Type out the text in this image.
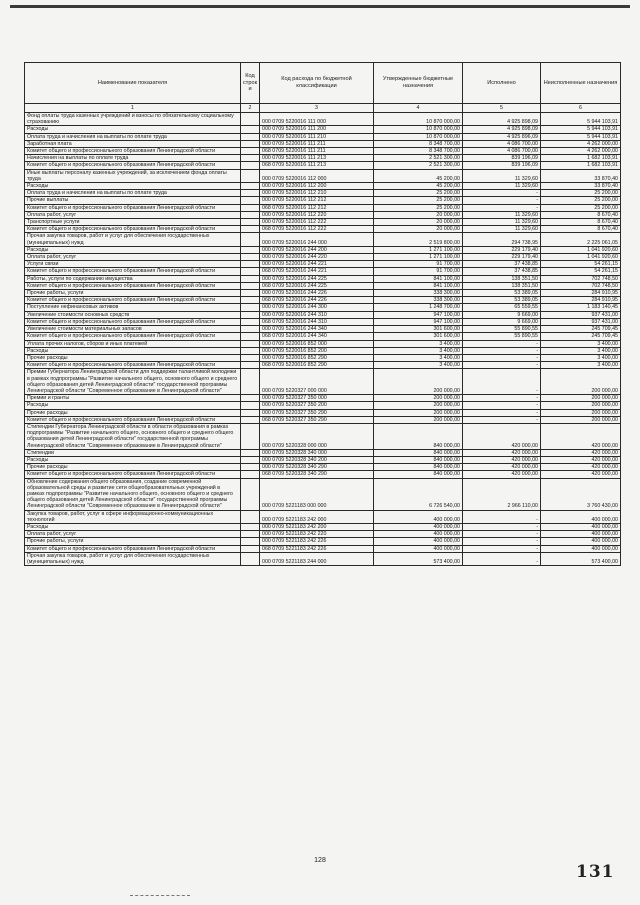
Наименование показателя	Код строк и	Код расхода по бюджетной классификации	Утвержденные бюджетные назначения	Исполнено	Неисполненные назначения
1	2	3	4	5	6
Фонд оплаты труда казенных учреждений и взносы по обязательному социальному страхованию		000 0709 5220016 111 000	10 870 000,00	4 925 898,09	5 944 103,91
Расходы		000 0709 5220016 111 200	10 870 000,00	4 925 898,09	5 944 103,91
Оплата труда и начисления на выплаты по оплате труда		000 0709 5220016 111 210	10 870 000,00	4 925 896,09	5 944 103,91
Заработная плата		000 0709 5220016 111 211	8 348 700,00	4 086 700,00	4 262 000,00
Комитет общего и профессионального образования Ленинградской области		068 0709 5220016 111 211	8 348 700,00	4 086 700,00	4 262 000,00
Начисления на выплаты по оплате труда		000 0709 5220016 111 213	2 521 300,00	839 196,09	1 682 103,91
Комитет общего и профессионального образования Ленинградской области		068 0709 5220016 111 213	2 521 300,00	839 196,09	1 682 103,91
Иные выплаты персоналу казенных учреждений, за исключением фонда оплаты труда		000 0709 5220016 112 000	45 200,00	11 329,60	33 870,40
Расходы		000 0709 5220016 112 200	45 200,00	11 329,60	33 870,40
Оплата труда и начисления на выплаты по оплате труда		000 0709 5220016 112 210	25 200,00	-	25 200,00
Прочие выплаты		000 0709 5220016 112 212	25 200,00	-	25 200,00
Комитет общего и профессионального образования Ленинградской области		068 0709 5220016 112 212	25 200,00	-	25 200,00
Оплата работ, услуг		000 0709 5220016 112 220	20 000,00	11 329,60	8 670,40
Транспортные услуги		000 0709 5220016 112 222	20 000,00	11 329,60	8 670,40
Комитет общего и профессионального образования Ленинградской области		068 0709 5220016 112 222	20 000,00	11 329,60	8 670,40
Прочая закупка товаров, работ и услуг для обеспечения государственных (муниципальных) нужд		000 0709 5220016 244 000	2 519 800,00	294 738,95	2 225 061,05
Расходы		000 0709 5220016 244 200	1 271 100,00	229 179,40	1 041 920,60
Оплата работ, услуг		000 0709 5220016 244 220	1 271 100,00	229 179,40	1 041 920,60
Услуги связи		000 0709 5220016 244 221	91 700,00	37 438,85	54 261,15
Комитет общего и профессионального образования Ленинградской области		068 0709 5220016 244 221	91 700,00	37 438,85	54 261,15
Работы, услуги по содержанию имущества		000 0709 5220016 244 225	841 100,00	138 351,50	702 748,50
Комитет общего и профессионального образования Ленинградской области		068 0709 5220016 244 225	841 100,00	138 351,50	702 748,50
Прочие работы, услуги		000 0709 5220016 244 226	338 300,00	53 389,05	284 910,95
Комитет общего и профессионального образования Ленинградской области		068 0709 5220016 244 226	338 300,00	53 389,05	284 910,95
Поступление нефинансовых активов		000 0709 5220016 244 300	1 248 700,00	65 559,55	1 183 140,45
Увеличение стоимости основных средств		000 0709 5220016 244 310	947 100,00	9 669,00	937 431,00
Комитет общего и профессионального образования Ленинградской области		068 0709 5220016 244 310	947 100,00	9 669,00	937 431,00
Увеличение стоимости материальных запасов		000 0709 5220016 244 340	301 600,00	55 890,55	245 709,45
Комитет общего и профессионального образования Ленинградской области		068 0709 5220016 244 340	301 600,00	55 890,55	245 709,45
Уплата прочих налогов, сборов и иных платежей		000 0709 5220016 852 000	3 400,00	-	3 400,00
Расходы		000 0709 5220016 852 200	3 400,00	-	3 400,00
Прочие расходы		000 0709 5220016 852 290	3 400,00	-	3 400,00
Комитет общего и профессионального образования Ленинградской области		068 0709 5220016 852 290	3 400,00	-	3 400,00
Премии Губернатора Ленинградской области для поддержки талантливой молодежи в рамках подпрограммы "Развитие начального общего, основного общего и среднего общего образования детей Ленинградской области" государственной программы Ленинградской области "Современное образование в Ленинградской области"		000 0709 5220327 000 000	200 000,00	-	200 000,00
Премии и гранты		000 0709 5220327 350 000	200 000,00	-	200 000,00
Расходы		000 0709 5220327 350 200	200 000,00	-	200 000,00
Прочие расходы		000 0709 5220327 350 290	200 000,00	-	200 000,00
Комитет общего и профессионального образования Ленинградской области		068 0709 5220327 350 290	200 000,00	-	200 000,00
Стипендии Губернатора Ленинградской области в области образования в рамках подпрограммы "Развитие начального общего, основного общего и среднего общего образования детей Ленинградской области" государственной программы Ленинградской области "Современное образование в Ленинградской области"		000 0709 5220328 000 000	840 000,00	420 000,00	420 000,00
Стипендии		000 0709 5220328 340 000	840 000,00	420 000,00	420 000,00
Расходы		000 0709 5220328 340 200	840 000,00	420 000,00	420 000,00
Прочие расходы		000 0709 5220328 340 290	840 000,00	420 000,00	420 000,00
Комитет общего и профессионального образования Ленинградской области		068 0709 5220328 340 290	840 000,00	420 000,00	420 000,00
Обновление содержания общего образования, создание современной образовательной среды и развитие сети общеобразовательных учреждений в рамках подпрограммы "Развитие начального общего, основного общего и среднего общего образования детей Ленинградской области" государственной программы Ленинградской области "Современное образование в Ленинградской области"		000 0709 5221183 000 000	6 726 540,00	2 966 110,00	3 760 430,00
Закупка товаров, работ, услуг в сфере информационно-коммуникационных технологий		000 0709 5221183 242 000	400 000,00	-	400 000,00
Расходы		000 0709 5221183 242 200	400 000,00	-	400 000,00
Оплата работ, услуг		000 0709 5221183 242 220	400 000,00	-	400 000,00
Прочие работы, услуги		000 0709 5221183 242 226	400 000,00	-	400 000,00
Комитет общего и профессионального образования Ленинградской области		068 0709 5221183 242 226	400 000,00	-	400 000,00
Прочая закупка товаров, работ и услуг для обеспечения государственных (муниципальных) нужд		000 0709 5221183 244 000	573 400,00	-	573 400,00
128
131
